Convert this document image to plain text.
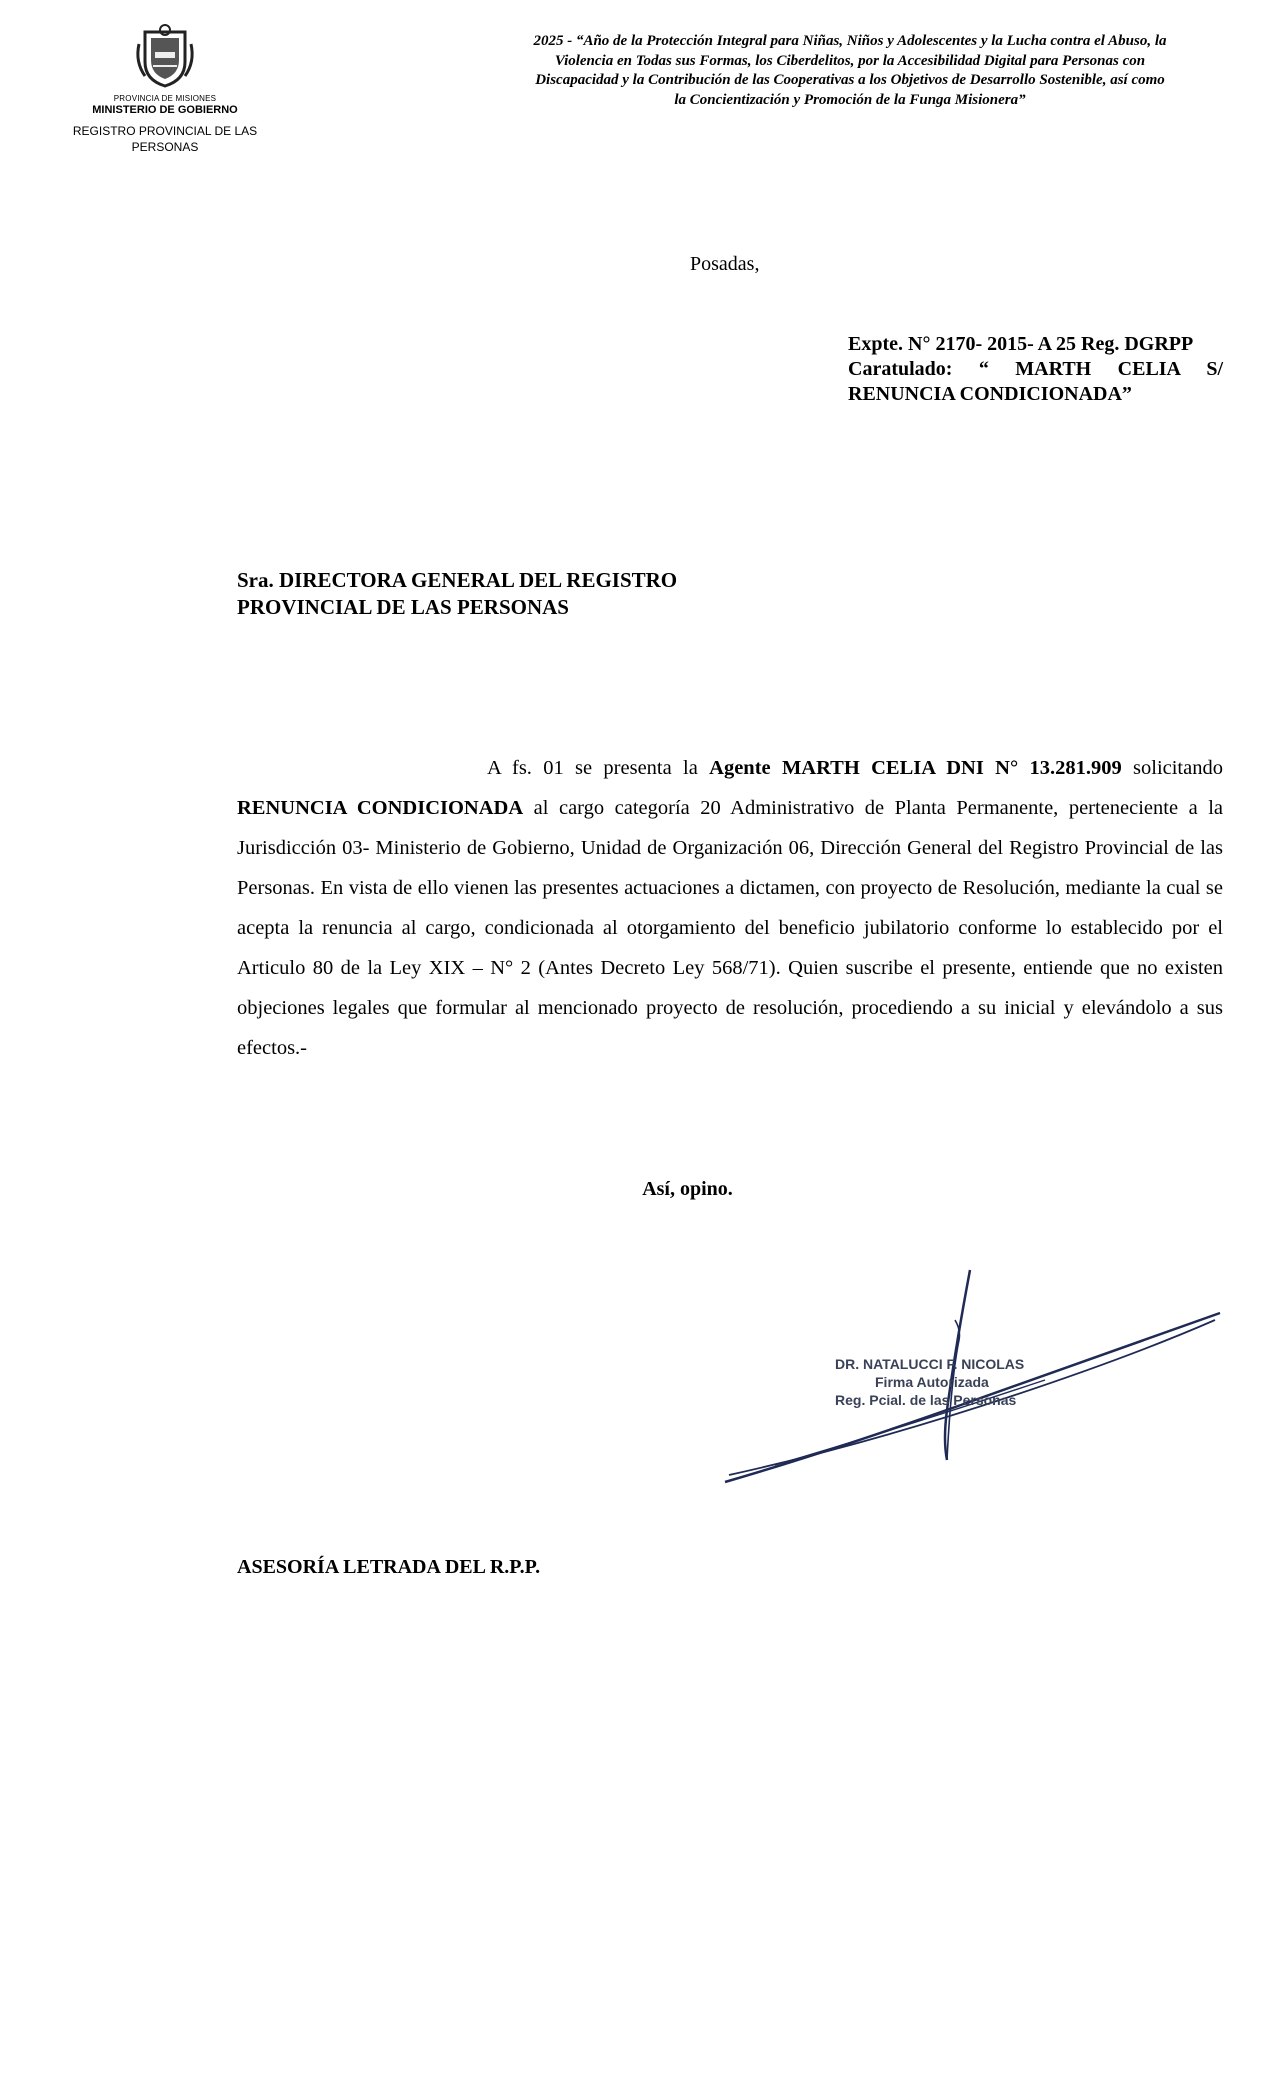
PROVINCIA DE MISIONES
MINISTERIO DE GOBIERNO
REGISTRO PROVINCIAL DE LAS PERSONAS
2025 - “Año de la Protección Integral para Niñas, Niños y Adolescentes y la Lucha contra el Abuso, la Violencia en Todas sus Formas, los Ciberdelitos, por la Accesibilidad Digital para Personas con Discapacidad y la Contribución de las Cooperativas a los Objetivos de Desarrollo Sostenible, así como la Concientización y Promoción de la Funga Misionera”
Posadas,
Expte. N° 2170- 2015- A 25 Reg. DGRPP
Caratulado: “ MARTH CELIA S/ RENUNCIA CONDICIONADA”
Sra. DIRECTORA GENERAL DEL REGISTRO
PROVINCIAL DE LAS PERSONAS

A fs. 01 se presenta la Agente MARTH CELIA DNI N° 13.281.909 solicitando RENUNCIA CONDICIONADA al cargo categoría 20 Administrativo de Planta Permanente, perteneciente a la Jurisdicción 03- Ministerio de Gobierno, Unidad de Organización 06, Dirección General del Registro Provincial de las Personas. En vista de ello vienen las presentes actuaciones a dictamen, con proyecto de Resolución, mediante la cual se acepta la renuncia al cargo, condicionada al otorgamiento del beneficio jubilatorio conforme lo establecido por el Articulo 80 de la Ley XIX – N° 2 (Antes Decreto Ley 568/71). Quien suscribe el presente, entiende que no existen objeciones legales que formular al mencionado proyecto de resolución, procediendo a su inicial y elevándolo a sus efectos.-

Así, opino.
DR. NATALUCCI F. NICOLAS
Firma Autorizada
Reg. Pcial. de las Personas
ASESORÍA LETRADA DEL R.P.P.
